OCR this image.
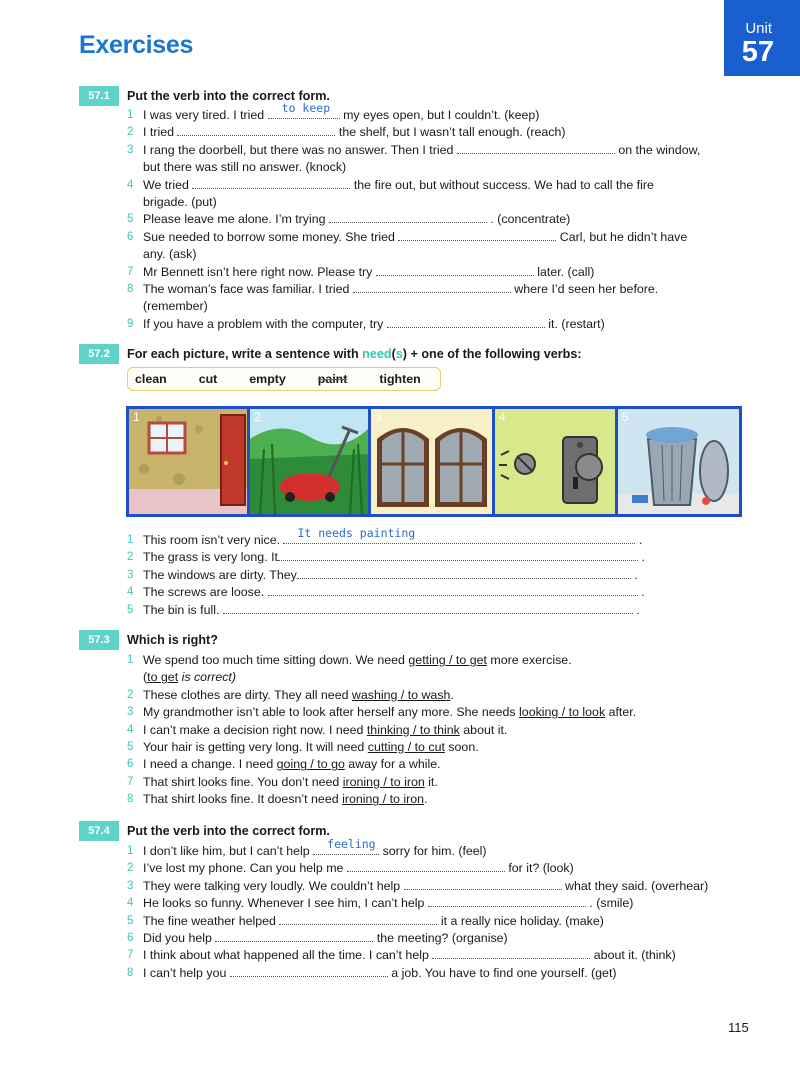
Exercises
Unit
57
57.1	Put the verb into the correct form.
1 I was very tired. I tried
to keep
my eyes open, but I couldn’t. (keep)
2 I tried	the shelf, but I wasn’t tall enough. (reach)
3 I rang the doorbell, but there was no answer. Then I tried	on the window,
but there was still no answer. (knock)
4 We tried	the fire out, but without success. We had to call the fire
brigade. (put)
5 Please leave me alone. I’m trying	. (concentrate)
6 Sue needed to borrow some money. She tried	Carl, but he didn’t have
any. (ask)
7 Mr Bennett isn’t here right now. Please try	later. (call)
8 The woman’s face was familiar. I tried	where I’d seen her before.
(remember)
9 If you have a problem with the computer, try	it. (restart)
57.2	For each picture, write a sentence with need(s) + one of the following verbs:
clean	cut	empty	paint	tighten
1	2	3	4	5
1 This room isn’t very nice.
It needs painting
.
2 The grass is very long. It	.
3 The windows are dirty. They	.
4 The screws are loose.	.
5 The bin is full.	.
57.3	Which is right?
1 We spend too much time sitting down. We need getting / to get more exercise.
(to get is correct)
2 These clothes are dirty. They all need washing / to wash.
3 My grandmother isn’t able to look after herself any more. She needs looking / to look after.
4 I can’t make a decision right now. I need thinking / to think about it.
5 Your hair is getting very long. It will need cutting / to cut soon.
6 I need a change. I need going / to go away for a while.
7 That shirt looks fine. You don’t need ironing / to iron it.
8 That shirt looks fine. It doesn’t need ironing / to iron.
57.4	Put the verb into the correct form.
1 I don’t like him, but I can’t help
feeling
sorry for him. (feel)
2 I’ve lost my phone. Can you help me	for it? (look)
3 They were talking very loudly. We couldn’t help	what they said. (overhear)
4 He looks so funny. Whenever I see him, I can’t help	. (smile)
5 The fine weather helped	it a really nice holiday. (make)
6 Did you help	the meeting? (organise)
7 I think about what happened all the time. I can’t help	about it. (think)
8 I can’t help you	a job. You have to find one yourself. (get)
115
